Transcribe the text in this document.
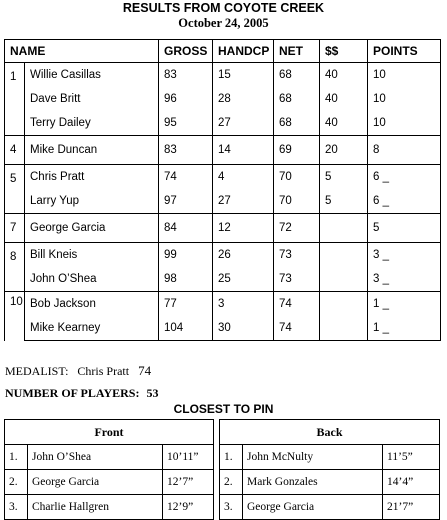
RESULTS FROM COYOTE CREEK
October 24, 2005
NAME		GROSS	HANDCP	NET	$$	POINTS
1	Willie Casillas	83	15	68	40	10
	Dave Britt	96	28	68	40	10
	Terry Dailey	95	27	68	40	10
4	Mike Duncan	83	14	69	20	8
5	Chris Pratt	74	4	70	5	6 _
	Larry Yup	97	27	70	5	6 _
7	George Garcia	84	12	72		5
8	Bill Kneis	99	26	73		3 _
	John O’Shea	98	25	73		3 _
10	Bob Jackson	77	3	74		1 _
	Mike Kearney	104	30	74		1 _
MEDALIST: Chris Pratt 74
NUMBER OF PLAYERS: 53
CLOSEST TO PIN
Front		
1.	John O’Shea	10’11”
2.	George Garcia	12’7”
3.	Charlie Hallgren	12’9”
Back		
1.	John McNulty	11’5”
2.	Mark Gonzales	14’4”
3.	George Garcia	21’7”
